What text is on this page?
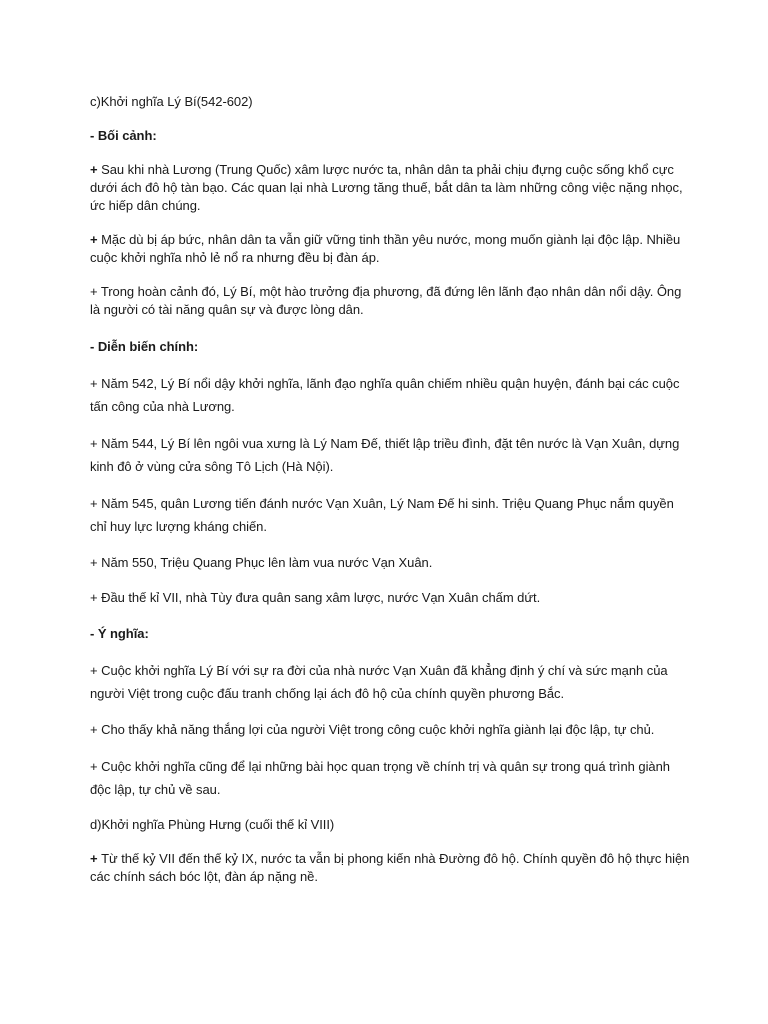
c)Khởi nghĩa Lý Bí(542-602)

- Bối cảnh:

+ Sau khi nhà Lương (Trung Quốc) xâm lược nước ta, nhân dân ta phải chịu đựng cuộc sống khổ cực dưới ách đô hộ tàn bạo. Các quan lại nhà Lương tăng thuế, bắt dân ta làm những công việc nặng nhọc, ức hiếp dân chúng.

+ Mặc dù bị áp bức, nhân dân ta vẫn giữ vững tinh thần yêu nước, mong muốn giành lại độc lập. Nhiều cuộc khởi nghĩa nhỏ lẻ nổ ra nhưng đều bị đàn áp.

+ Trong hoàn cảnh đó, Lý Bí, một hào trưởng địa phương, đã đứng lên lãnh đạo nhân dân nổi dậy. Ông là người có tài năng quân sự và được lòng dân.

- Diễn biến chính:

+ Năm 542, Lý Bí nổi dậy khởi nghĩa, lãnh đạo nghĩa quân chiếm nhiều quận huyện, đánh bại các cuộc tấn công của nhà Lương.

+ Năm 544, Lý Bí lên ngôi vua xưng là Lý Nam Đế, thiết lập triều đình, đặt tên nước là Vạn Xuân, dựng kinh đô ở vùng cửa sông Tô Lịch (Hà Nội).

+ Năm 545, quân Lương tiến đánh nước Vạn Xuân, Lý Nam Đế hi sinh. Triệu Quang Phục nắm quyền chỉ huy lực lượng kháng chiến.

+ Năm 550, Triệu Quang Phục lên làm vua nước Vạn Xuân.

+ Đầu thế kỉ VII, nhà Tùy đưa quân sang xâm lược, nước Vạn Xuân chấm dứt.

- Ý nghĩa:

+ Cuộc khởi nghĩa Lý Bí với sự ra đời của nhà nước Vạn Xuân đã khẳng định ý chí và sức mạnh của người Việt trong cuộc đấu tranh chống lại ách đô hộ của chính quyền phương Bắc.

+ Cho thấy khả năng thắng lợi của người Việt trong công cuộc khởi nghĩa giành lại độc lập, tự chủ.

+ Cuộc khởi nghĩa cũng để lại những bài học quan trọng về chính trị và quân sự trong quá trình giành độc lập, tự chủ về sau.

d)Khởi nghĩa Phùng Hưng (cuối thế kỉ VIII)

+ Từ thế kỷ VII đến thế kỷ IX, nước ta vẫn bị phong kiến nhà Đường đô hộ. Chính quyền đô hộ thực hiện các chính sách bóc lột, đàn áp nặng nề.
